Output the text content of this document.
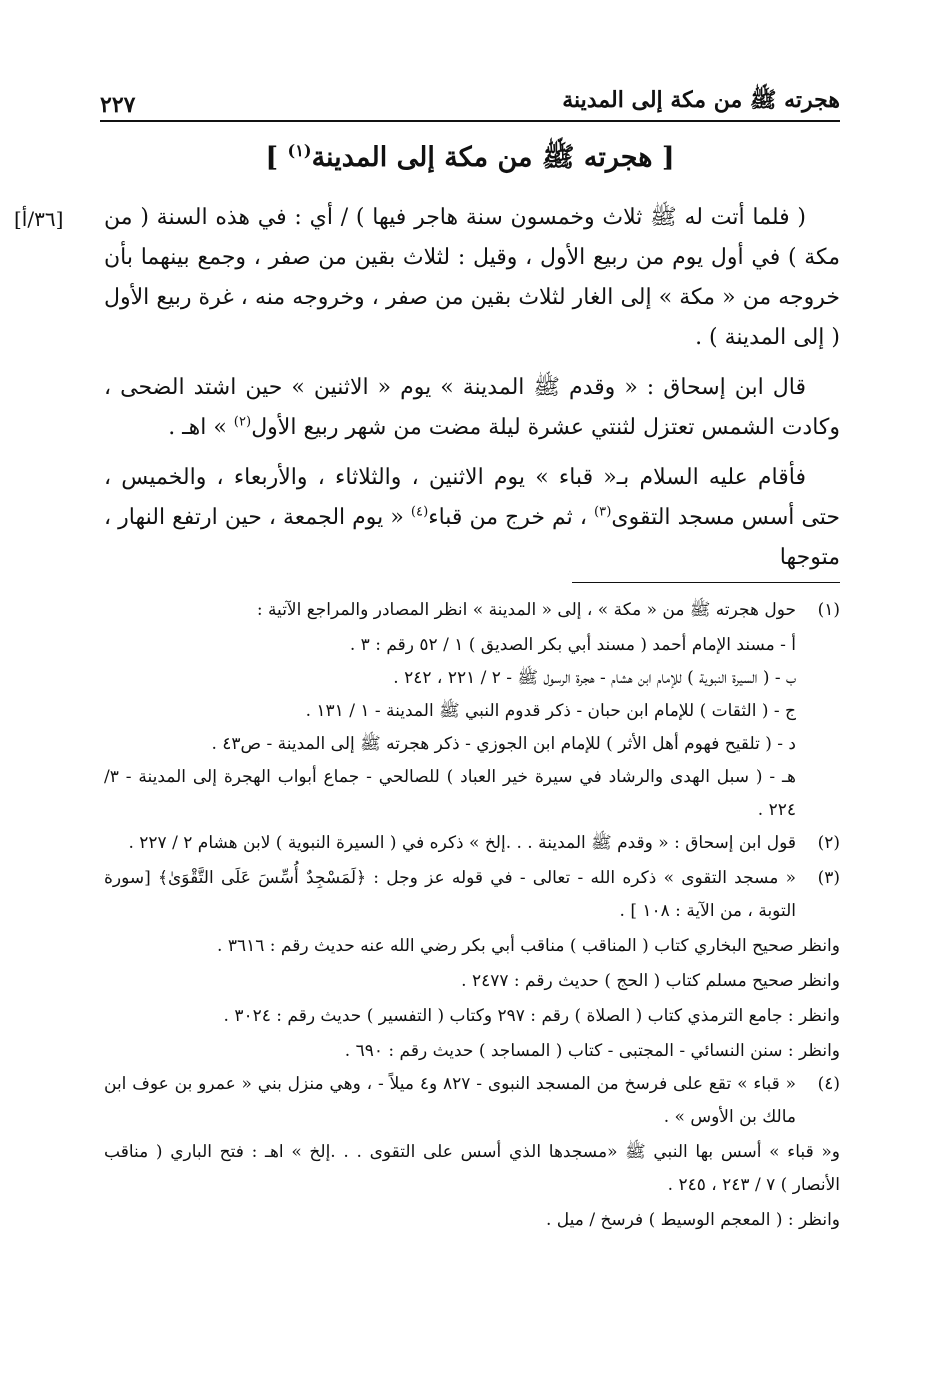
هجرته ﷺ من مكة إلى المدينة
٢٢٧
[ هجرته ﷺ من مكة إلى المدينة$^{(١)}$ ]
[٣٦/أ] ( فلما أتت له ﷺ ثلاث وخمسون سنة هاجر فيها ) / أي : في هذه السنة ( من مكة ) في أول يوم من ربيع الأول ، وقيل : لثلاث بقين من صفر ، وجمع بينهما بأن خروجه من « مكة » إلى الغار لثلاث بقين من صفر ، وخروجه منه ، غرة ربيع الأول ( إلى المدينة ) .

قال ابن إسحاق : « وقدم ﷺ المدينة » يوم « الاثنين » حين اشتد الضحى ، وكادت الشمس تعتزل لثنتي عشرة ليلة مضت من شهر ربيع الأول$^{(٢)}$ » اهـ .

فأقام عليه السلام بـ« قباء » يوم الاثنين ، والثلاثاء ، والأربعاء ، والخميس ، حتى أسس مسجد التقوى$^{(٣)}$ ، ثم خرج من قباء$^{(٤)}$ « يوم الجمعة ، حين ارتفع النهار ، متوجها

(١)
حول هجرته ﷺ من « مكة » ، إلى « المدينة » انظر المصادر والمراجع الآتية :
أ - مسند الإمام أحمد ( مسند أبي بكر الصديق ) ١ / ٥٢ رقم : ٣ .
ب - ( السيرة النبوية ) للإمام ابن هشام - هجرة الرسول ﷺ - ٢ / ٢٢١ ، ٢٤٢ .
ج - ( الثقات ) للإمام ابن حبان - ذكر قدوم النبي ﷺ المدينة - ١ / ١٣١ .
د - ( تلقيح فهوم أهل الأثر ) للإمام ابن الجوزي - ذكر هجرته ﷺ إلى المدينة - ص٤٣ .
هـ - ( سبل الهدى والرشاد في سيرة خير العباد ) للصالحي - جماع أبواب الهجرة إلى المدينة - ٣/ ٢٢٤ .
(٢)
قول ابن إسحاق : « وقدم ﷺ المدينة . . .إلخ » ذكره في ( السيرة النبوية ) لابن هشام ٢ / ٢٢٧ .
(٣)
« مسجد التقوى » ذكره الله - تعالى - في قوله عز وجل : ﴿لَمَسْجِدٌ أُسِّسَ عَلَى التَّقْوَىٰ﴾ [سورة التوبة ، من الآية : ١٠٨ ] .
وانظر صحيح البخاري كتاب ( المناقب ) مناقب أبي بكر رضي الله عنه حديث رقم : ٣٦١٦ .
وانظر صحيح مسلم كتاب ( الحج ) حديث رقم : ٢٤٧٧ .
وانظر : جامع الترمذي كتاب ( الصلاة ) رقم : ٢٩٧ وكتاب ( التفسير ) حديث رقم : ٣٠٢٤ .
وانظر : سنن النسائي - المجتبى - كتاب ( المساجد ) حديث رقم : ٦٩٠ .
(٤)
« قباء » تقع على فرسخ من المسجد النبوى - ٨٢٧ و٤ ميلاً - ، وهي منزل بني « عمرو بن عوف ابن مالك بن الأوس » .
و« قباء » أسس بها النبي ﷺ «مسجدها الذي أسس على التقوى . . .إلخ » اهـ : فتح الباري ( مناقب الأنصار ) ٧ / ٢٤٣ ، ٢٤٥ .
وانظر : ( المعجم الوسيط ) فرسخ / ميل .
